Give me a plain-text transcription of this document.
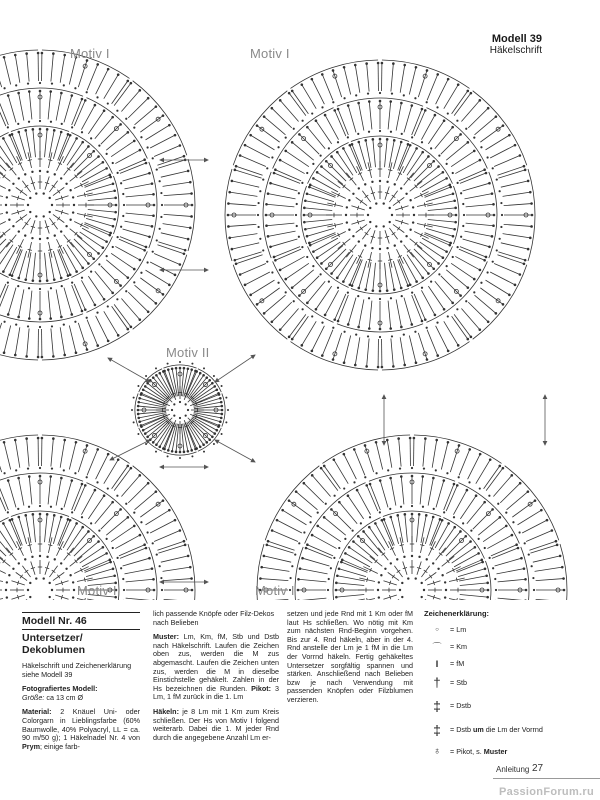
Motiv I	Motiv I
Motiv II
Motiv I	Motiv I
Modell 39
Häkelschrift
Modell Nr. 46
Untersetzer/ Dekoblumen

Häkelschrift und Zeichenerklärung siehe Modell 39

Fotografiertes Modell:
Größe: ca 13 cm Ø

Material: 2 Knäuel Uni- oder Colorgarn in Lieblingsfarbe (60% Baumwolle, 40% Polyacryl, LL = ca. 90 m/50 g); 1 Häkelnadel Nr. 4 von Prym; einige farb-

lich passende Knöpfe oder Filz-Dekos nach Belieben

Muster: Lm, Km, fM, Stb und Dstb nach Häkelschrift. Laufen die Zeichen oben zus, werden die M zus abgemascht. Laufen die Zeichen unten zus, werden die M in dieselbe Einstichstelle gehäkelt. Zahlen in der Hs bezeichnen die Runden. Pikot: 3 Lm, 1 fM zurück in die 1. Lm

Häkeln: je 8 Lm mit 1 Km zum Kreis schließen. Der Hs von Motiv I folgend weiterarb. Dabei die 1. M jeder Rnd durch die angegebene Anzahl Lm er-

setzen und jede Rnd mit 1 Km oder fM laut Hs schließen. Wo nötig mit Km zum nächsten Rnd-Beginn vorgehen. Bis zur 4. Rnd häkeln, aber in der 4. Rnd anstelle der Lm je 1 fM in die Lm der Vorrnd häkeln. Fertig gehäkeltes Untersetzer sorgfältig spannen und stärken. Anschließend nach Belieben bzw je nach Verwendung mit passenden Knöpfen oder Filzblumen verzieren.

Zeichenerklärung:
○	= Lm
⌒	= Km
I	= fM
†	= Stb
‡	= Dstb
‡	= Dstb um die Lm der Vorrnd
♁	= Pikot, s. Muster
Anleitung 27
PassionForum.ru
